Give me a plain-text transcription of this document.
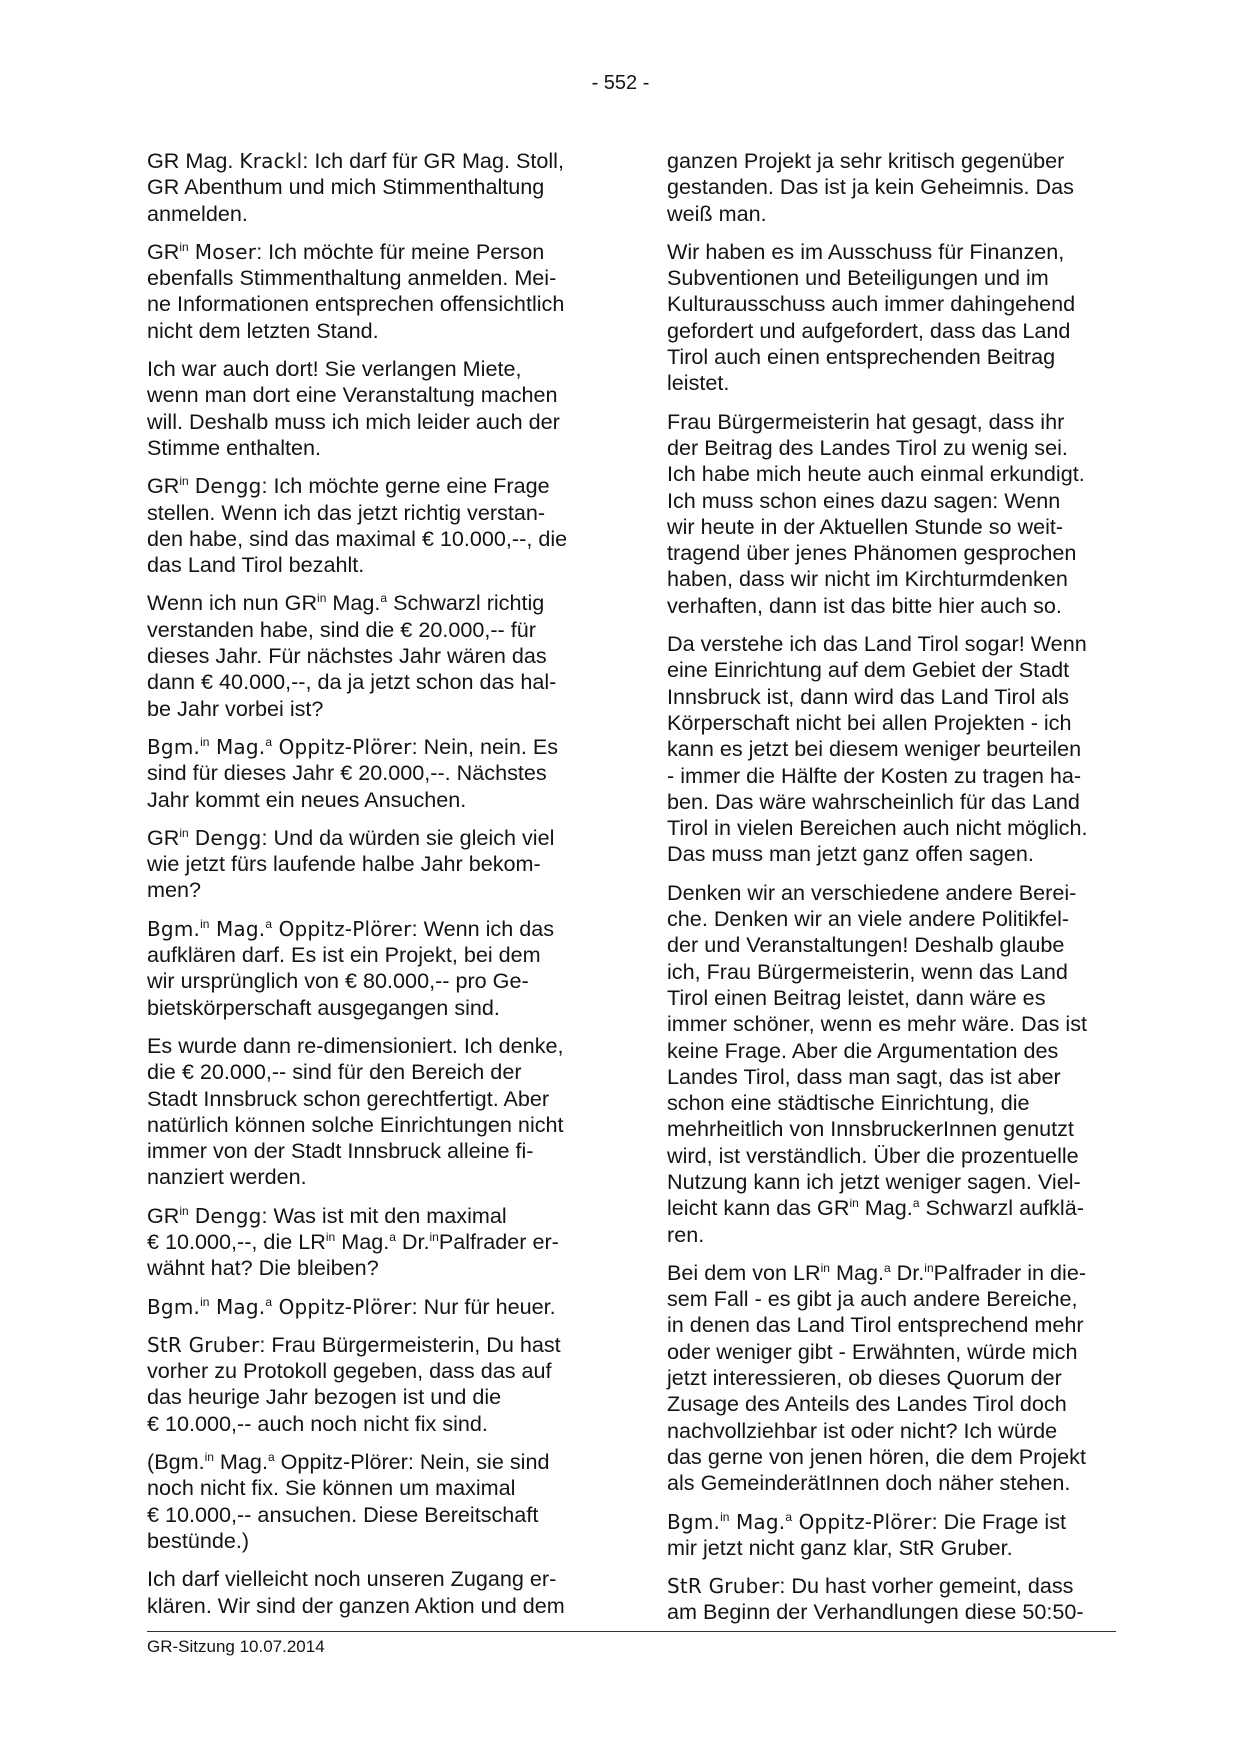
- 552 -

GR Mag. Krackl: Ich darf für GR Mag. Stoll,
GR Abenthum und mich Stimmenthaltung
anmelden.

$GR^{in}$ Moser: Ich möchte für meine Person
ebenfalls Stimmenthaltung anmelden. Mei-
ne Informationen entsprechen offensichtlich
nicht dem letzten Stand.

Ich war auch dort! Sie verlangen Miete,
wenn man dort eine Veranstaltung machen
will. Deshalb muss ich mich leider auch der
Stimme enthalten.

$GR^{in}$ Dengg: Ich möchte gerne eine Frage
stellen. Wenn ich das jetzt richtig verstan-
den habe, sind das maximal € 10.000,--, die
das Land Tirol bezahlt.

Wenn ich nun $GR^{in}$ Mag.$^a$ Schwarzl richtig
verstanden habe, sind die € 20.000,-- für
dieses Jahr. Für nächstes Jahr wären das
dann € 40.000,--, da ja jetzt schon das hal-
be Jahr vorbei ist?

Bgm.$^{in}$ Mag.$^a$ Oppitz-Plörer: Nein, nein. Es
sind für dieses Jahr € 20.000,--. Nächstes
Jahr kommt ein neues Ansuchen.

$GR^{in}$ Dengg: Und da würden sie gleich viel
wie jetzt fürs laufende halbe Jahr bekom-
men?

Bgm.$^{in}$ Mag.$^a$ Oppitz-Plörer: Wenn ich das
aufklären darf. Es ist ein Projekt, bei dem
wir ursprünglich von € 80.000,-- pro Ge-
bietskörperschaft ausgegangen sind.

Es wurde dann re-dimensioniert. Ich denke,
die € 20.000,-- sind für den Bereich der
Stadt Innsbruck schon gerechtfertigt. Aber
natürlich können solche Einrichtungen nicht
immer von der Stadt Innsbruck alleine fi-
nanziert werden.

$GR^{in}$ Dengg: Was ist mit den maximal
€ 10.000,--, die $LR^{in}$ Mag.$^a$ Dr.$^{in}$Palfrader er-
wähnt hat? Die bleiben?

Bgm.$^{in}$ Mag.$^a$ Oppitz-Plörer: Nur für heuer.

StR Gruber: Frau Bürgermeisterin, Du hast
vorher zu Protokoll gegeben, dass das auf
das heurige Jahr bezogen ist und die
€ 10.000,-- auch noch nicht fix sind.

(Bgm.$^{in}$ Mag.$^a$ Oppitz-Plörer: Nein, sie sind
noch nicht fix. Sie können um maximal
€ 10.000,-- ansuchen. Diese Bereitschaft
bestünde.)

Ich darf vielleicht noch unseren Zugang er-
klären. Wir sind der ganzen Aktion und dem

ganzen Projekt ja sehr kritisch gegenüber
gestanden. Das ist ja kein Geheimnis. Das
weiß man.

Wir haben es im Ausschuss für Finanzen,
Subventionen und Beteiligungen und im
Kulturausschuss auch immer dahingehend
gefordert und aufgefordert, dass das Land
Tirol auch einen entsprechenden Beitrag
leistet.

Frau Bürgermeisterin hat gesagt, dass ihr
der Beitrag des Landes Tirol zu wenig sei.
Ich habe mich heute auch einmal erkundigt.
Ich muss schon eines dazu sagen: Wenn
wir heute in der Aktuellen Stunde so weit-
tragend über jenes Phänomen gesprochen
haben, dass wir nicht im Kirchturmdenken
verhaften, dann ist das bitte hier auch so.

Da verstehe ich das Land Tirol sogar! Wenn
eine Einrichtung auf dem Gebiet der Stadt
Innsbruck ist, dann wird das Land Tirol als
Körperschaft nicht bei allen Projekten - ich
kann es jetzt bei diesem weniger beurteilen
- immer die Hälfte der Kosten zu tragen ha-
ben. Das wäre wahrscheinlich für das Land
Tirol in vielen Bereichen auch nicht möglich.
Das muss man jetzt ganz offen sagen.

Denken wir an verschiedene andere Berei-
che. Denken wir an viele andere Politikfel-
der und Veranstaltungen! Deshalb glaube
ich, Frau Bürgermeisterin, wenn das Land
Tirol einen Beitrag leistet, dann wäre es
immer schöner, wenn es mehr wäre. Das ist
keine Frage. Aber die Argumentation des
Landes Tirol, dass man sagt, das ist aber
schon eine städtische Einrichtung, die
mehrheitlich von InnsbruckerInnen genutzt
wird, ist verständlich. Über die prozentuelle
Nutzung kann ich jetzt weniger sagen. Viel-
leicht kann das $GR^{in}$ Mag.$^a$ Schwarzl aufklä-
ren.

Bei dem von $LR^{in}$ Mag.$^a$ Dr.$^{in}$Palfrader in die-
sem Fall - es gibt ja auch andere Bereiche,
in denen das Land Tirol entsprechend mehr
oder weniger gibt - Erwähnten, würde mich
jetzt interessieren, ob dieses Quorum der
Zusage des Anteils des Landes Tirol doch
nachvollziehbar ist oder nicht? Ich würde
das gerne von jenen hören, die dem Projekt
als GemeinderätInnen doch näher stehen.

Bgm.$^{in}$ Mag.$^a$ Oppitz-Plörer: Die Frage ist
mir jetzt nicht ganz klar, StR Gruber.

StR Gruber: Du hast vorher gemeint, dass
am Beginn der Verhandlungen diese 50:50-

GR-Sitzung 10.07.2014
